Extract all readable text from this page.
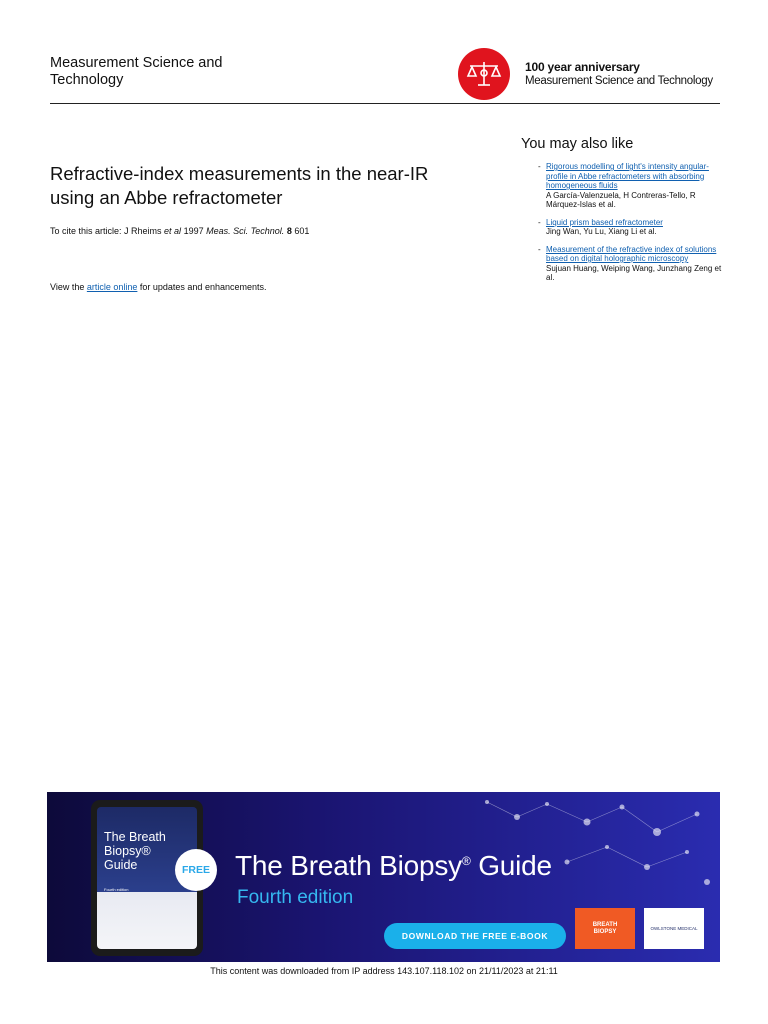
Measurement Science and
Technology
100 year anniversary
Measurement Science and Technology
Refractive-index measurements in the near-IR
using an Abbe refractometer
To cite this article: J Rheims et al 1997 Meas. Sci. Technol. 8 601
View the article online for updates and enhancements.
You may also like
- Rigorous modelling of light's intensity angular-profile in Abbe refractometers with absorbing homogeneous fluids
A García-Valenzuela, H Contreras-Tello, R Márquez-Islas et al.
- Liquid prism based refractometer
Jing Wan, Yu Lu, Xiang Li et al.
- Measurement of the refractive index of solutions based on digital holographic microscopy
Sujuan Huang, Weiping Wang, Junzhang Zeng et al.
The Breath Biopsy® Guide
Fourth edition
FREE The Breath Biopsy® Guide
Fourth edition
DOWNLOAD THE FREE E-BOOK
BREATH
BIOPSY	OWLSTONE MEDICAL
This content was downloaded from IP address 143.107.118.102 on 21/11/2023 at 21:11
